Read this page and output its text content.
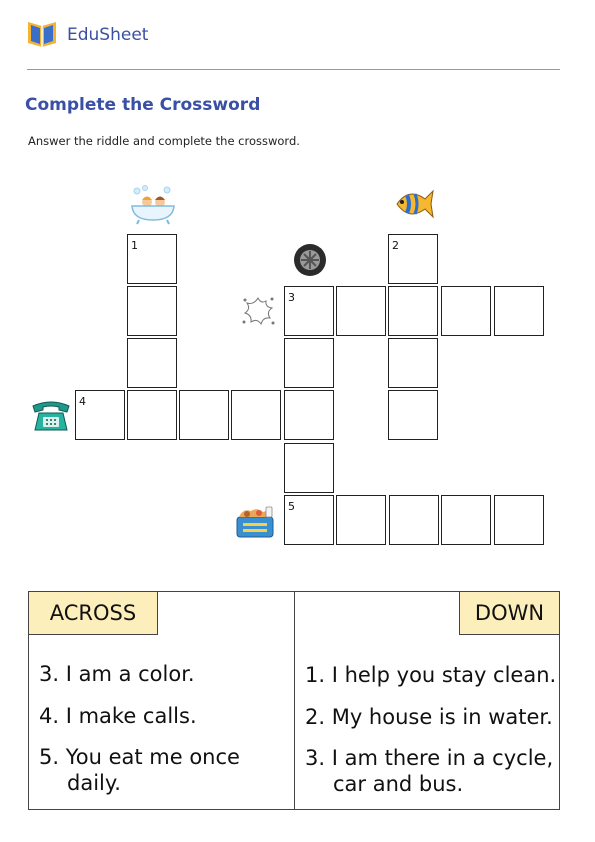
EduSheet
Complete the Crossword
Answer the riddle and complete the crossword.
1
4
3
2
5
ACROSS	DOWN
3. I am a color.
4. I make calls.
5. You eat me once
daily.
1. I help you stay clean.
2. My house is in water.
3. I am there in a cycle,
car and bus.
